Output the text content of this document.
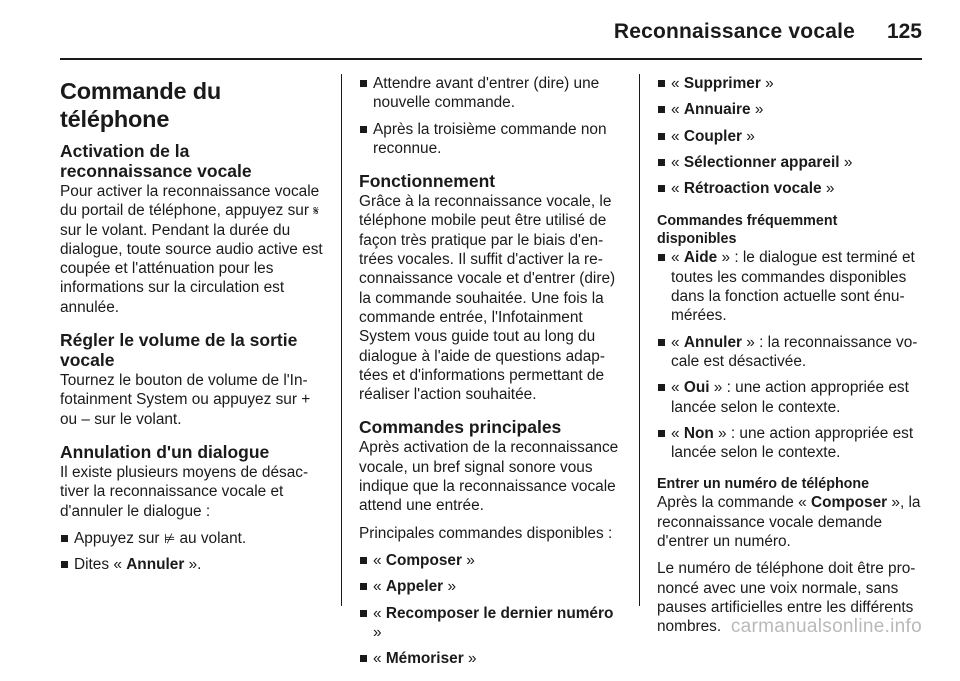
Reconnaissance vocale 125
Commande du téléphone
Activation de la reconnaissance vocale

Pour activer la reconnaissance vocale du portail de téléphone, appuyez sur 𝄋 sur le volant. Pendant la durée du dialogue, toute source audio active est coupée et l'atténuation pour les informations sur la circulation est annulée.

Régler le volume de la sortie vocale

Tournez le bouton de volume de l'Infotainment System ou appuyez sur + ou – sur le volant.

Annulation d'un dialogue

Il existe plusieurs moyens de désactiver la reconnaissance vocale et d'annuler le dialogue :

Appuyez sur ⊭ au volant.
Dites « Annuler ».
Attendre avant d'entrer (dire) une nouvelle commande.
Après la troisième commande non reconnue.
Fonctionnement

Grâce à la reconnaissance vocale, le téléphone mobile peut être utilisé de façon très pratique par le biais d'entrées vocales. Il suffit d'activer la reconnaissance vocale et d'entrer (dire) la commande souhaitée. Une fois la commande entrée, l'Infotainment System vous guide tout au long du dialogue à l'aide de questions adaptées et d'informations permettant de réaliser l'action souhaitée.

Commandes principales

Après activation de la reconnaissance vocale, un bref signal sonore vous indique que la reconnaissance vocale attend une entrée.

Principales commandes disponibles :

« Composer »
« Appeler »
« Recomposer le dernier numéro »
« Mémoriser »
« Supprimer »
« Annuaire »
« Coupler »
« Sélectionner appareil »
« Rétroaction vocale »
Commandes fréquemment
disponibles
« Aide » : le dialogue est terminé et toutes les commandes disponibles dans la fonction actuelle sont énumérées.
« Annuler » : la reconnaissance vocale est désactivée.
« Oui » : une action appropriée est lancée selon le contexte.
« Non » : une action appropriée est lancée selon le contexte.
Entrer un numéro de téléphone

Après la commande « Composer », la reconnaissance vocale demande d'entrer un numéro.

Le numéro de téléphone doit être prononcé avec une voix normale, sans pauses artificielles entre les différents nombres. carmanualsonline.info
